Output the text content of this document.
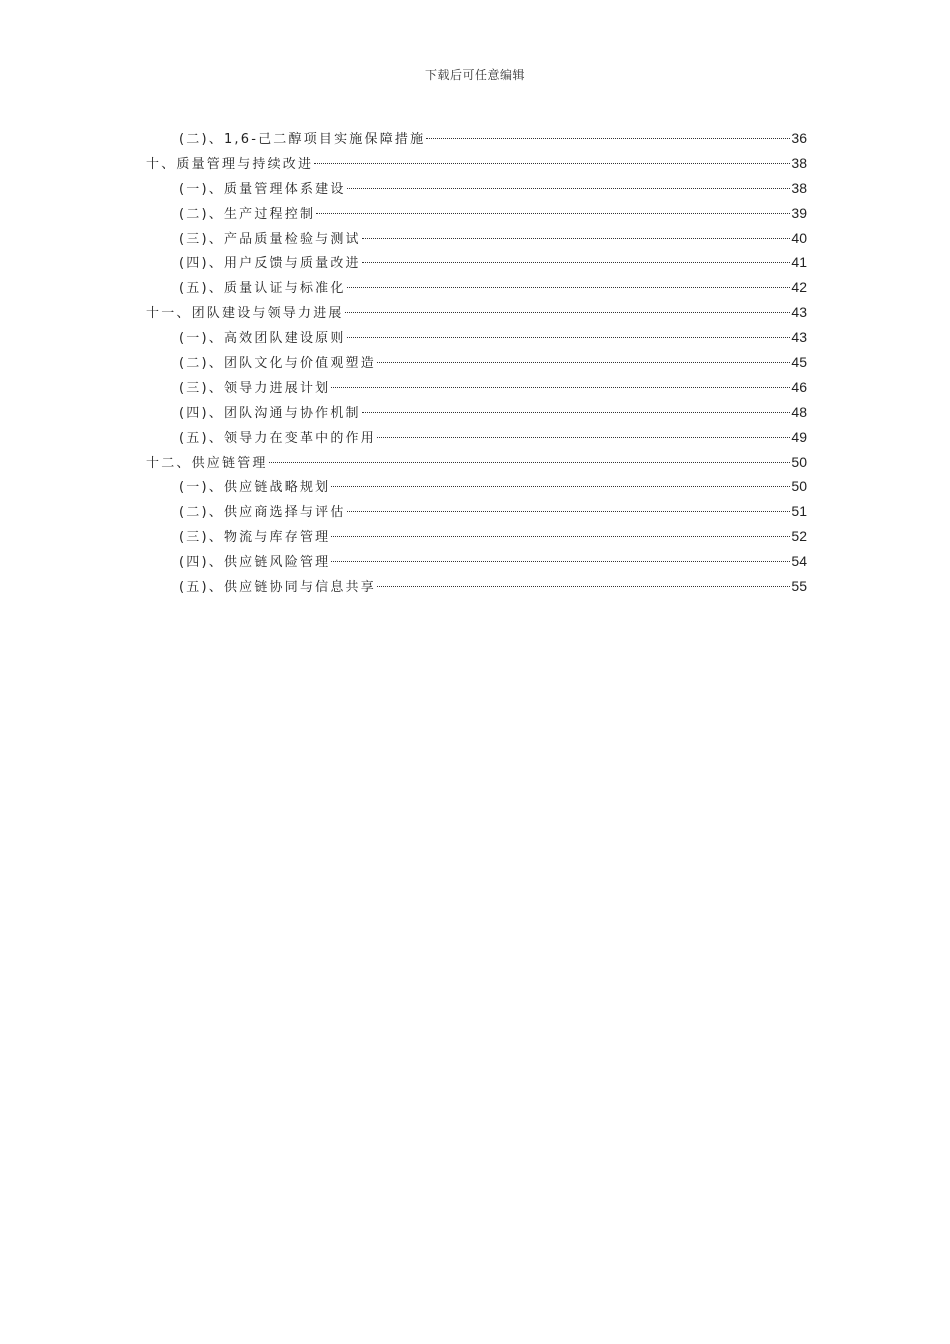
下载后可任意编辑
(二)、1,6-己二醇项目实施保障措施	36
十、质量管理与持续改进	38
(一)、质量管理体系建设	38
(二)、生产过程控制	39
(三)、产品质量检验与测试	40
(四)、用户反馈与质量改进	41
(五)、质量认证与标准化	42
十一、团队建设与领导力进展	43
(一)、高效团队建设原则	43
(二)、团队文化与价值观塑造	45
(三)、领导力进展计划	46
(四)、团队沟通与协作机制	48
(五)、领导力在变革中的作用	49
十二、供应链管理	50
(一)、供应链战略规划	50
(二)、供应商选择与评估	51
(三)、物流与库存管理	52
(四)、供应链风险管理	54
(五)、供应链协同与信息共享	55
